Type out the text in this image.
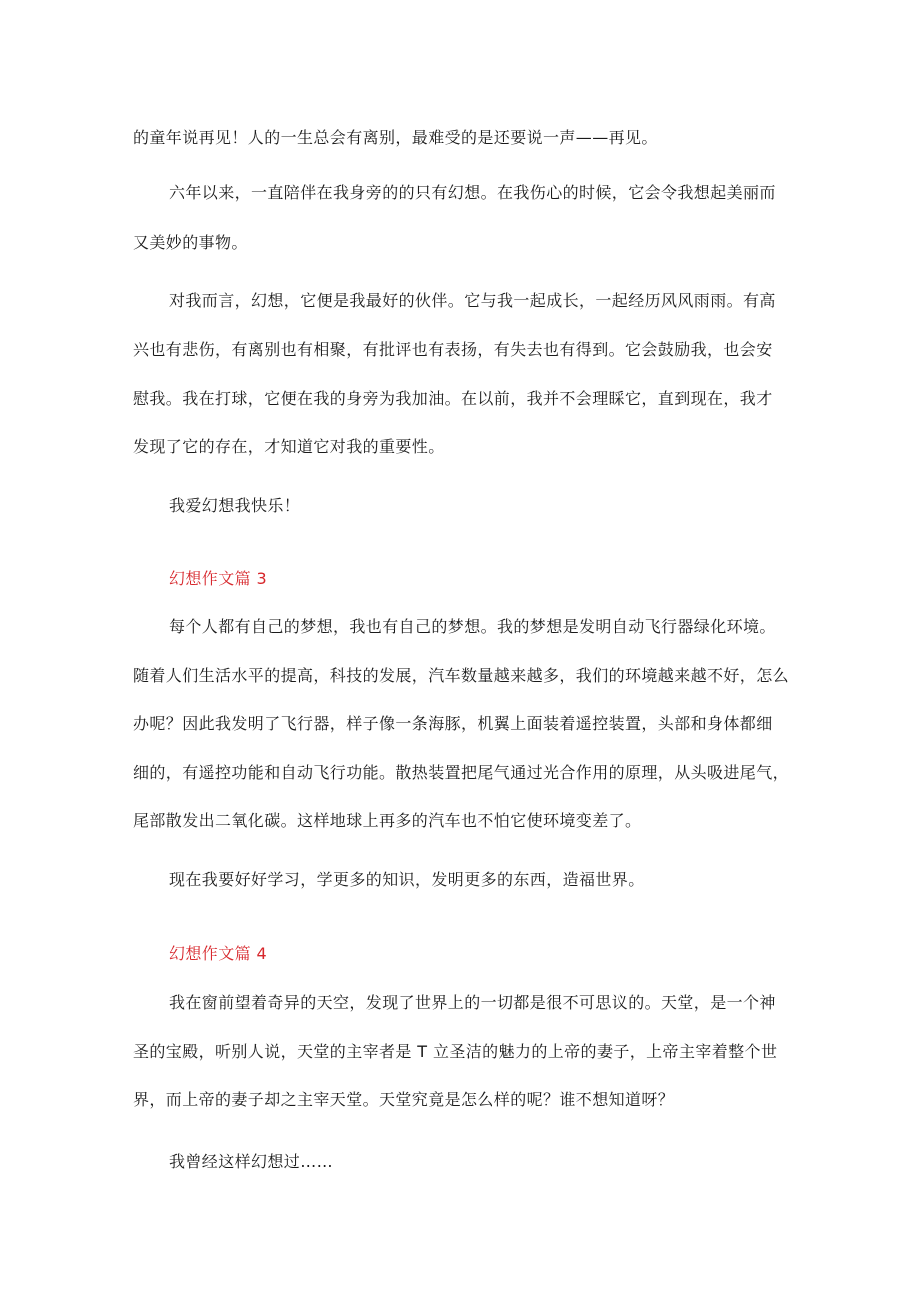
的童年说再见！人的一生总会有离别，最难受的是还要说一声——再见。
六年以来，一直陪伴在我身旁的的只有幻想。在我伤心的时候，它会令我想起美丽而
又美妙的事物。
对我而言，幻想，它便是我最好的伙伴。它与我一起成长，一起经历风风雨雨。有高
兴也有悲伤，有离别也有相聚，有批评也有表扬，有失去也有得到。它会鼓励我，也会安
慰我。我在打球，它便在我的身旁为我加油。在以前，我并不会理睬它，直到现在，我才
发现了它的存在，才知道它对我的重要性。
我爱幻想我快乐！
幻想作文篇 3
每个人都有自己的梦想，我也有自己的梦想。我的梦想是发明自动飞行器绿化环境。
随着人们生活水平的提高，科技的发展，汽车数量越来越多，我们的环境越来越不好，怎么
办呢？因此我发明了飞行器，样子像一条海豚，机翼上面装着遥控装置，头部和身体都细
细的，有遥控功能和自动飞行功能。散热装置把尾气通过光合作用的原理，从头吸进尾气，
尾部散发出二氧化碳。这样地球上再多的汽车也不怕它使环境变差了。
现在我要好好学习，学更多的知识，发明更多的东西，造福世界。
幻想作文篇 4
我在窗前望着奇异的天空，发现了世界上的一切都是很不可思议的。天堂，是一个神
圣的宝殿，听别人说，天堂的主宰者是 T 立圣洁的魅力的上帝的妻子，上帝主宰着整个世
界，而上帝的妻子却之主宰天堂。天堂究竟是怎么样的呢？谁不想知道呀？
我曾经这样幻想过……
